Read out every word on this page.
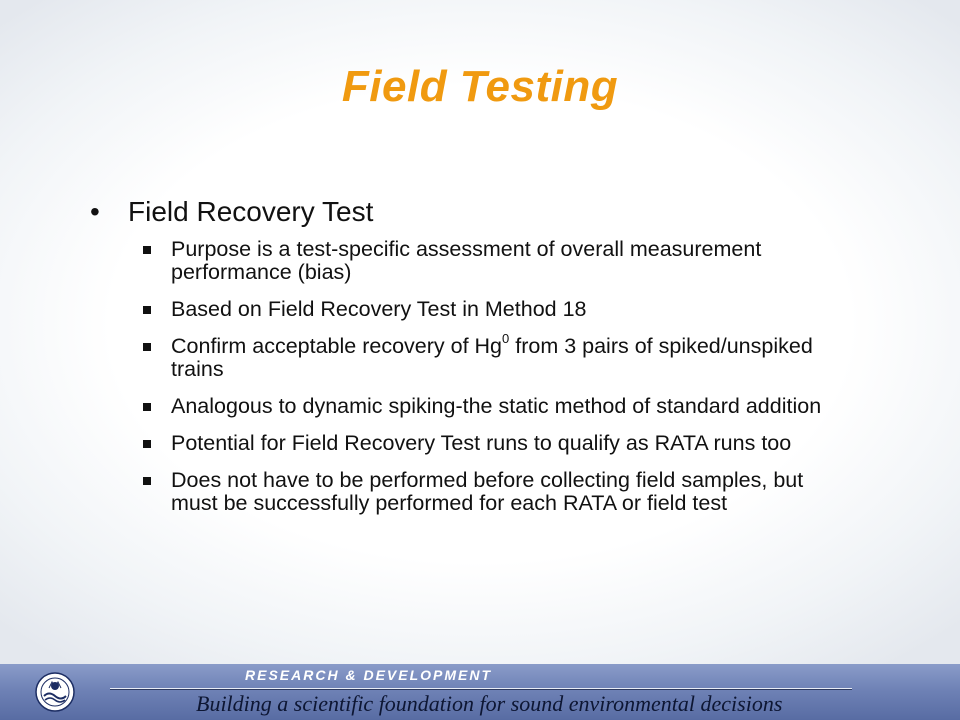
Field Testing
• Field Recovery Test
Purpose is a test-specific assessment of overall measurement performance (bias)
Based on Field Recovery Test in Method 18
Confirm acceptable recovery of Hg$^0$ from 3 pairs of spiked/unspiked trains
Analogous to dynamic spiking-the static method of standard addition
Potential for Field Recovery Test runs to qualify as RATA runs too
Does not have to be performed before collecting field samples, but must be successfully performed for each RATA or field test
RESEARCH & DEVELOPMENT
Building a scientific foundation for sound environmental decisions
